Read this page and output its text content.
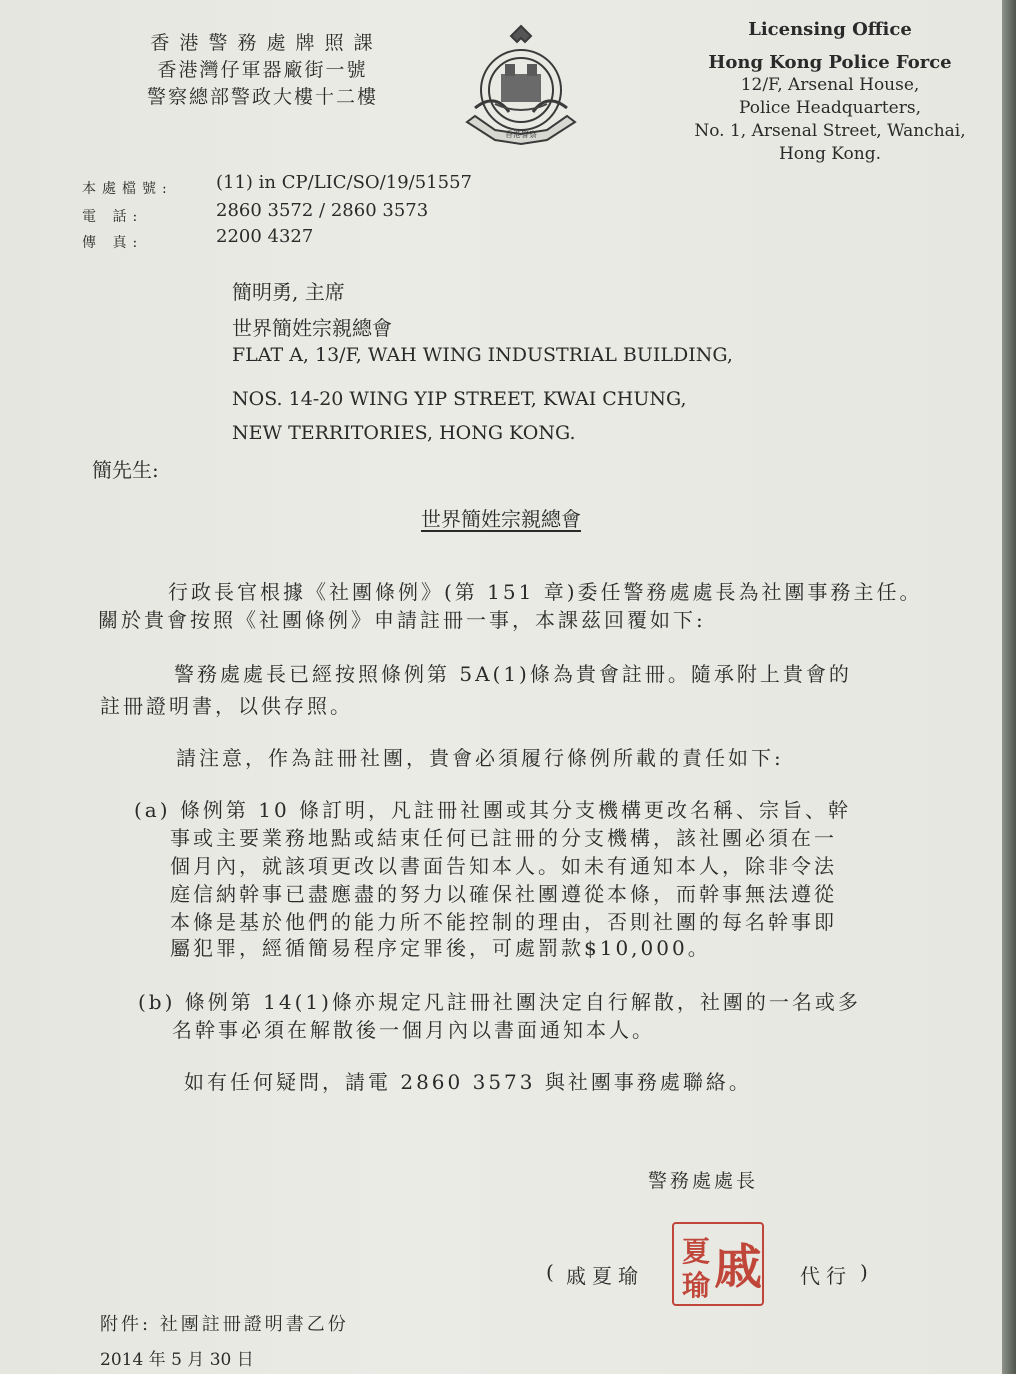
香 港 警 務 處 牌 照 課
香港灣仔軍器廠街一號
警察總部警政大樓十二樓
香港警察
Licensing Office
Hong Kong Police Force
12/F, Arsenal House,
Police Headquarters,
No. 1, Arsenal Street, Wanchai,
Hong Kong.
本處檔號: (11) in CP/LIC/SO/19/51557
電 話:	2860 3572 / 2860 3573
傳 真:	2200 4327
簡明勇, 主席
世界簡姓宗親總會
FLAT A, 13/F, WAH WING INDUSTRIAL BUILDING,
NOS. 14-20 WING YIP STREET, KWAI CHUNG,
NEW TERRITORIES, HONG KONG.
簡先生:
世界簡姓宗親總會
行政長官根據《社團條例》(第 151 章)委任警務處處長為社團事務主任。
關於貴會按照《社團條例》申請註冊一事，本課茲回覆如下:
警務處處長已經按照條例第 5A(1)條為貴會註冊。隨承附上貴會的
註冊證明書，以供存照。
請注意，作為註冊社團，貴會必須履行條例所載的責任如下:
(a) 條例第 10 條訂明，凡註冊社團或其分支機構更改名稱、宗旨、幹
事或主要業務地點或結束任何已註冊的分支機構，該社團必須在一
個月內，就該項更改以書面告知本人。如未有通知本人，除非令法
庭信納幹事已盡應盡的努力以確保社團遵從本條，而幹事無法遵從
本條是基於他們的能力所不能控制的理由，否則社團的每名幹事即
屬犯罪，經循簡易程序定罪後，可處罰款$10,000。
(b) 條例第 14(1)條亦規定凡註冊社團決定自行解散，社團的一名或多
名幹事必須在解散後一個月內以書面通知本人。
如有任何疑問，請電 2860 3573 與社團事務處聯絡。
警務處處長
( 戚夏瑜
夏
瑜 戚 代行 )
附件: 社團註冊證明書乙份
2014 年 5 月 30 日
